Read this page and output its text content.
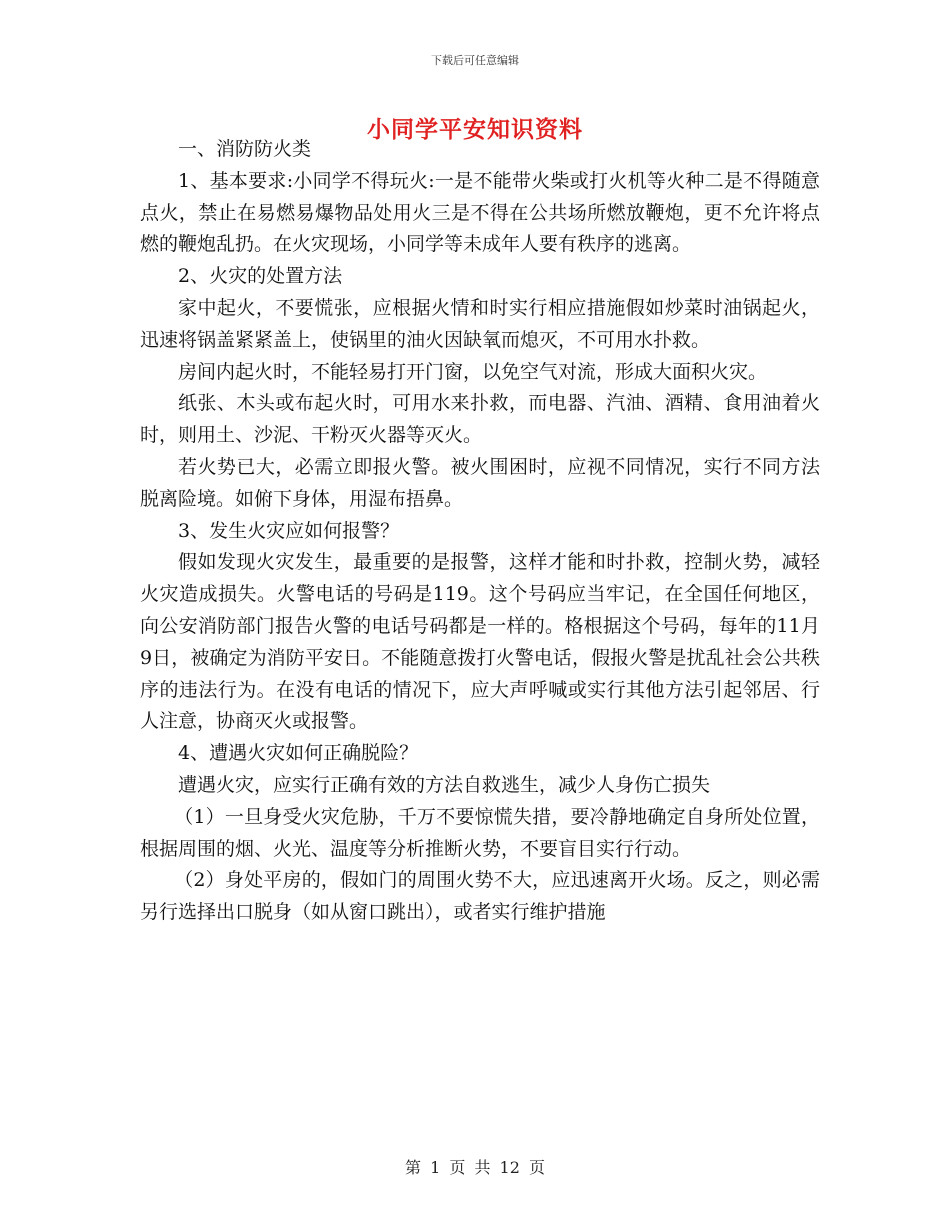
下载后可任意编辑
小同学平安知识资料

一、消防防火类

1、基本要求:小同学不得玩火:一是不能带火柴或打火机等火种二是不得随意点火，禁止在易燃易爆物品处用火三是不得在公共场所燃放鞭炮，更不允许将点燃的鞭炮乱扔。在火灾现场，小同学等未成年人要有秩序的逃离。

2、火灾的处置方法

家中起火，不要慌张，应根据火情和时实行相应措施假如炒菜时油锅起火，迅速将锅盖紧紧盖上，使锅里的油火因缺氧而熄灭，不可用水扑救。

房间内起火时，不能轻易打开门窗，以免空气对流，形成大面积火灾。

纸张、木头或布起火时，可用水来扑救，而电器、汽油、酒精、食用油着火时，则用土、沙泥、干粉灭火器等灭火。

若火势已大，必需立即报火警。被火围困时，应视不同情况，实行不同方法脱离险境。如俯下身体，用湿布捂鼻。

3、发生火灾应如何报警？

假如发现火灾发生，最重要的是报警，这样才能和时扑救，控制火势，减轻火灾造成损失。火警电话的号码是119。这个号码应当牢记，在全国任何地区，向公安消防部门报告火警的电话号码都是一样的。格根据这个号码，每年的11月9日，被确定为消防平安日。不能随意拨打火警电话，假报火警是扰乱社会公共秩序的违法行为。在没有电话的情况下，应大声呼喊或实行其他方法引起邻居、行人注意，协商灭火或报警。

4、遭遇火灾如何正确脱险？

遭遇火灾，应实行正确有效的方法自救逃生，减少人身伤亡损失

（1）一旦身受火灾危胁，千万不要惊慌失措，要冷静地确定自身所处位置，根据周围的烟、火光、温度等分析推断火势，不要盲目实行行动。

（2）身处平房的，假如门的周围火势不大，应迅速离开火场。反之，则必需另行选择出口脱身（如从窗口跳出），或者实行维护措施

第 1 页 共 12 页
